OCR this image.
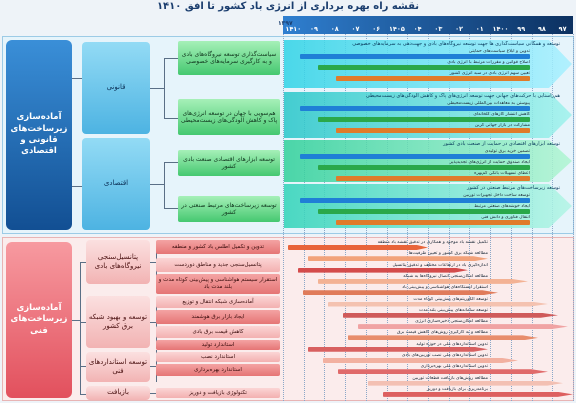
نقشه راه بهره برداری از انرژی باد کشور تا افق ۱۴۱۰
۹۷
۹۸
۹۹
۱۴۰۰
۰۱
۰۲
۰۳
۰۴
۱۴۰۵
۰۶
۰۷
۰۸
۰۹
۱۴۱۰
۱۳۹۷
آماده‌سازی زیرساخت‌های قانونی و اقتصادی
قانونی
اقتصادی
سیاست‌گذاری توسعه نیروگاه‌های بادی و به کارگیری سرمایه‌های خصوصی
هم‌سویی با جهان در توسعه انرژی‌های پاک و کاهش آلودگی‌های زیست‌محیطی
توسعه ابزارهای اقتصادی صنعت بادی کشور
توسعه زیرساخت‌های مرتبط صنعتی در کشور
آماده‌سازی زیرساخت‌های فنی
پتانسیل‌سنجی نیروگاه‌های بادی
توسعه و بهبود شبکه برق کشور
توسعه استانداردهای فنی
بازیافت
توسعه و همگانی سیاست‌گذاری ها جهت توسعه نیروگاه‌های بادی و جهت‌دهی به سرمایه‌های خصوصی
تدوین و ابلاغ سیاست‌های حمایتی
اصلاح قوانین و مقررات مرتبط با انرژی بادی
تعیین سهم انرژی بادی در سبد انرژی کشور
هم‌راستایی با حرکت‌های جهانی جهت توسعه انرژی‌های پاک و کاهش آلودگی‌های زیست‌محیطی
پیوستن به معاهدات بین‌المللی زیست‌محیطی
کاهش انتشار گازهای گلخانه‌ای
مشارکت در بازار جهانی کربن
توسعه ابزارهای اقتصادی در حمایت از صنعت بادی کشور
تضمین خرید برق تولیدی
ایجاد صندوق حمایت از انرژی‌های تجدیدپذیر
اعطای تسهیلات بانکی کم‌بهره
توسعه زیرساخت‌های مرتبط صنعتی در کشور
توسعه ساخت داخل تجهیزات توربین
ایجاد خوشه‌های صنعتی مرتبط
انتقال فناوری و دانش فنی
تدوین و تکمیل اطلس باد کشور و منطقه
پتانسیل‌سنجی جدید و مناطق دوردست
استقرار سیستم هواشناسی و پیش‌بینی کوتاه مدت و بلند مدت باد
آماده‌سازی شبکه انتقال و توزیع
ایجاد بازار برق هوشمند
کاهش قیمت برق بادی
استاندارد تولید
استاندارد نصب
استاندارد بهره‌برداری
تکنولوژی بازیافت و دوریز
تکمیل نقشه باد موجود و همکاری در تدقیق نقشه باد منطقه
مطالعه شبکه برق کشور و تعیین ظرفیت‌ها
اندازه‌گیری باد در ارتفاعات مختلف و تدقیق پتانسیل
مطالعه امکان‌سنجی اتصال نیروگاه‌ها به شبکه
استقرار ایستگاه‌های هواشناسی و پیش‌بینی باد
توسعه الگوریتم‌های پیش‌بینی کوتاه مدت
توسعه سامانه‌های پیش‌بینی بلند مدت
مطالعه امکان‌سنجی ذخیره‌سازی انرژی
مطالعه و به کارگیری روش‌های کاهش قیمت برق
تدوین استانداردهای ملی در حوزه تولید
تدوین استانداردهای ملی نصب توربین‌های بادی
تدوین استانداردهای ملی بهره‌برداری
مطالعه روش‌های بازیافت قطعات توربین
برنامه‌ریزی برای بازیافت و دوریز
